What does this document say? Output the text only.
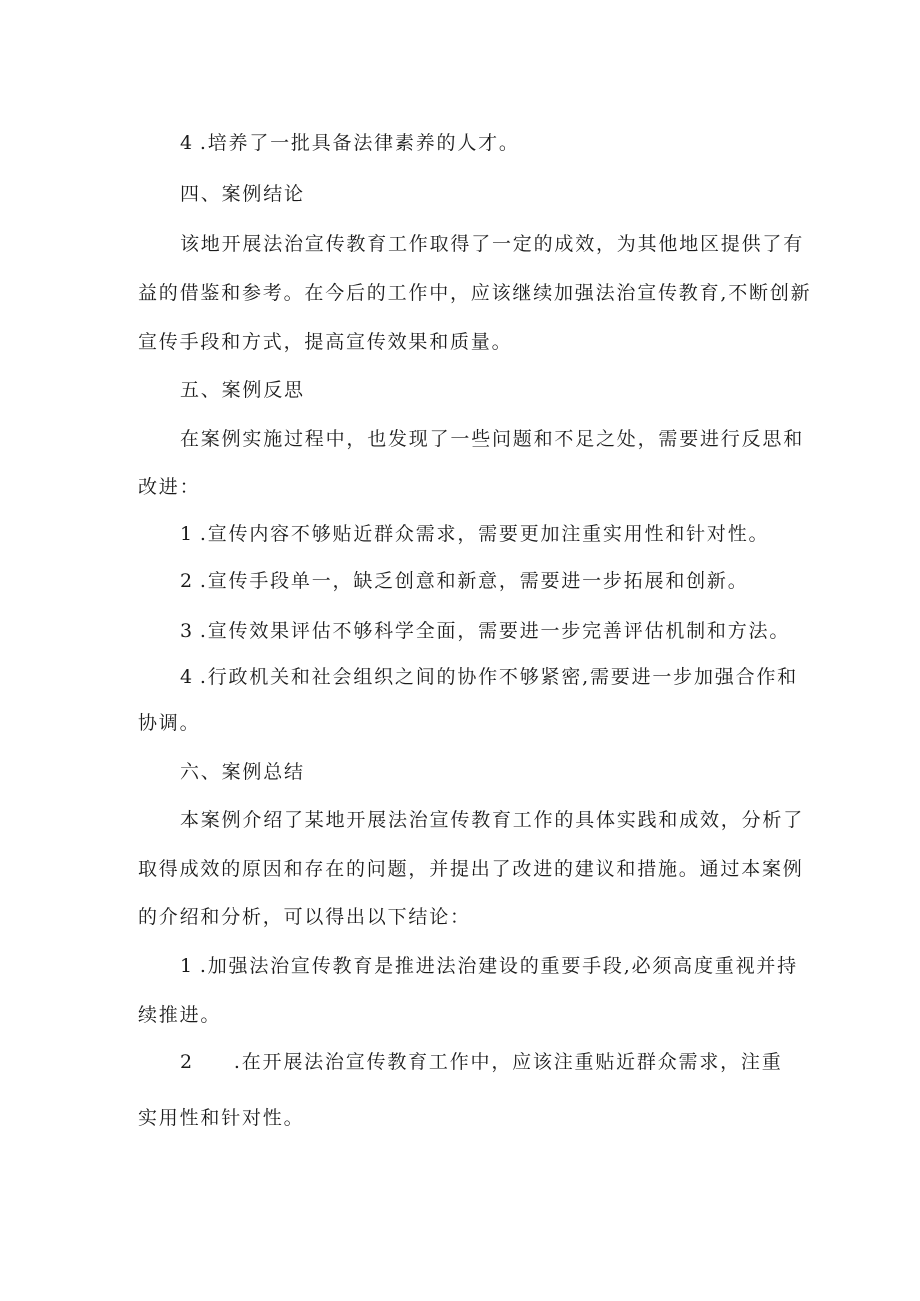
4 .培养了一批具备法律素养的人才。
四、案例结论
该地开展法治宣传教育工作取得了一定的成效，为其他地区提供了有
益的借鉴和参考。在今后的工作中，应该继续加强法治宣传教育,不断创新
宣传手段和方式，提高宣传效果和质量。
五、案例反思
在案例实施过程中，也发现了一些问题和不足之处，需要进行反思和
改进：
1 .宣传内容不够贴近群众需求，需要更加注重实用性和针对性。
2 .宣传手段单一，缺乏创意和新意，需要进一步拓展和创新。
3 .宣传效果评估不够科学全面，需要进一步完善评估机制和方法。
4 .行政机关和社会组织之间的协作不够紧密,需要进一步加强合作和
协调。
六、案例总结
本案例介绍了某地开展法治宣传教育工作的具体实践和成效，分析了
取得成效的原因和存在的问题，并提出了改进的建议和措施。通过本案例
的介绍和分析，可以得出以下结论：
1 .加强法治宣传教育是推进法治建设的重要手段,必须高度重视并持
续推进。
2 .在开展法治宣传教育工作中，应该注重贴近群众需求，注重
实用性和针对性。
